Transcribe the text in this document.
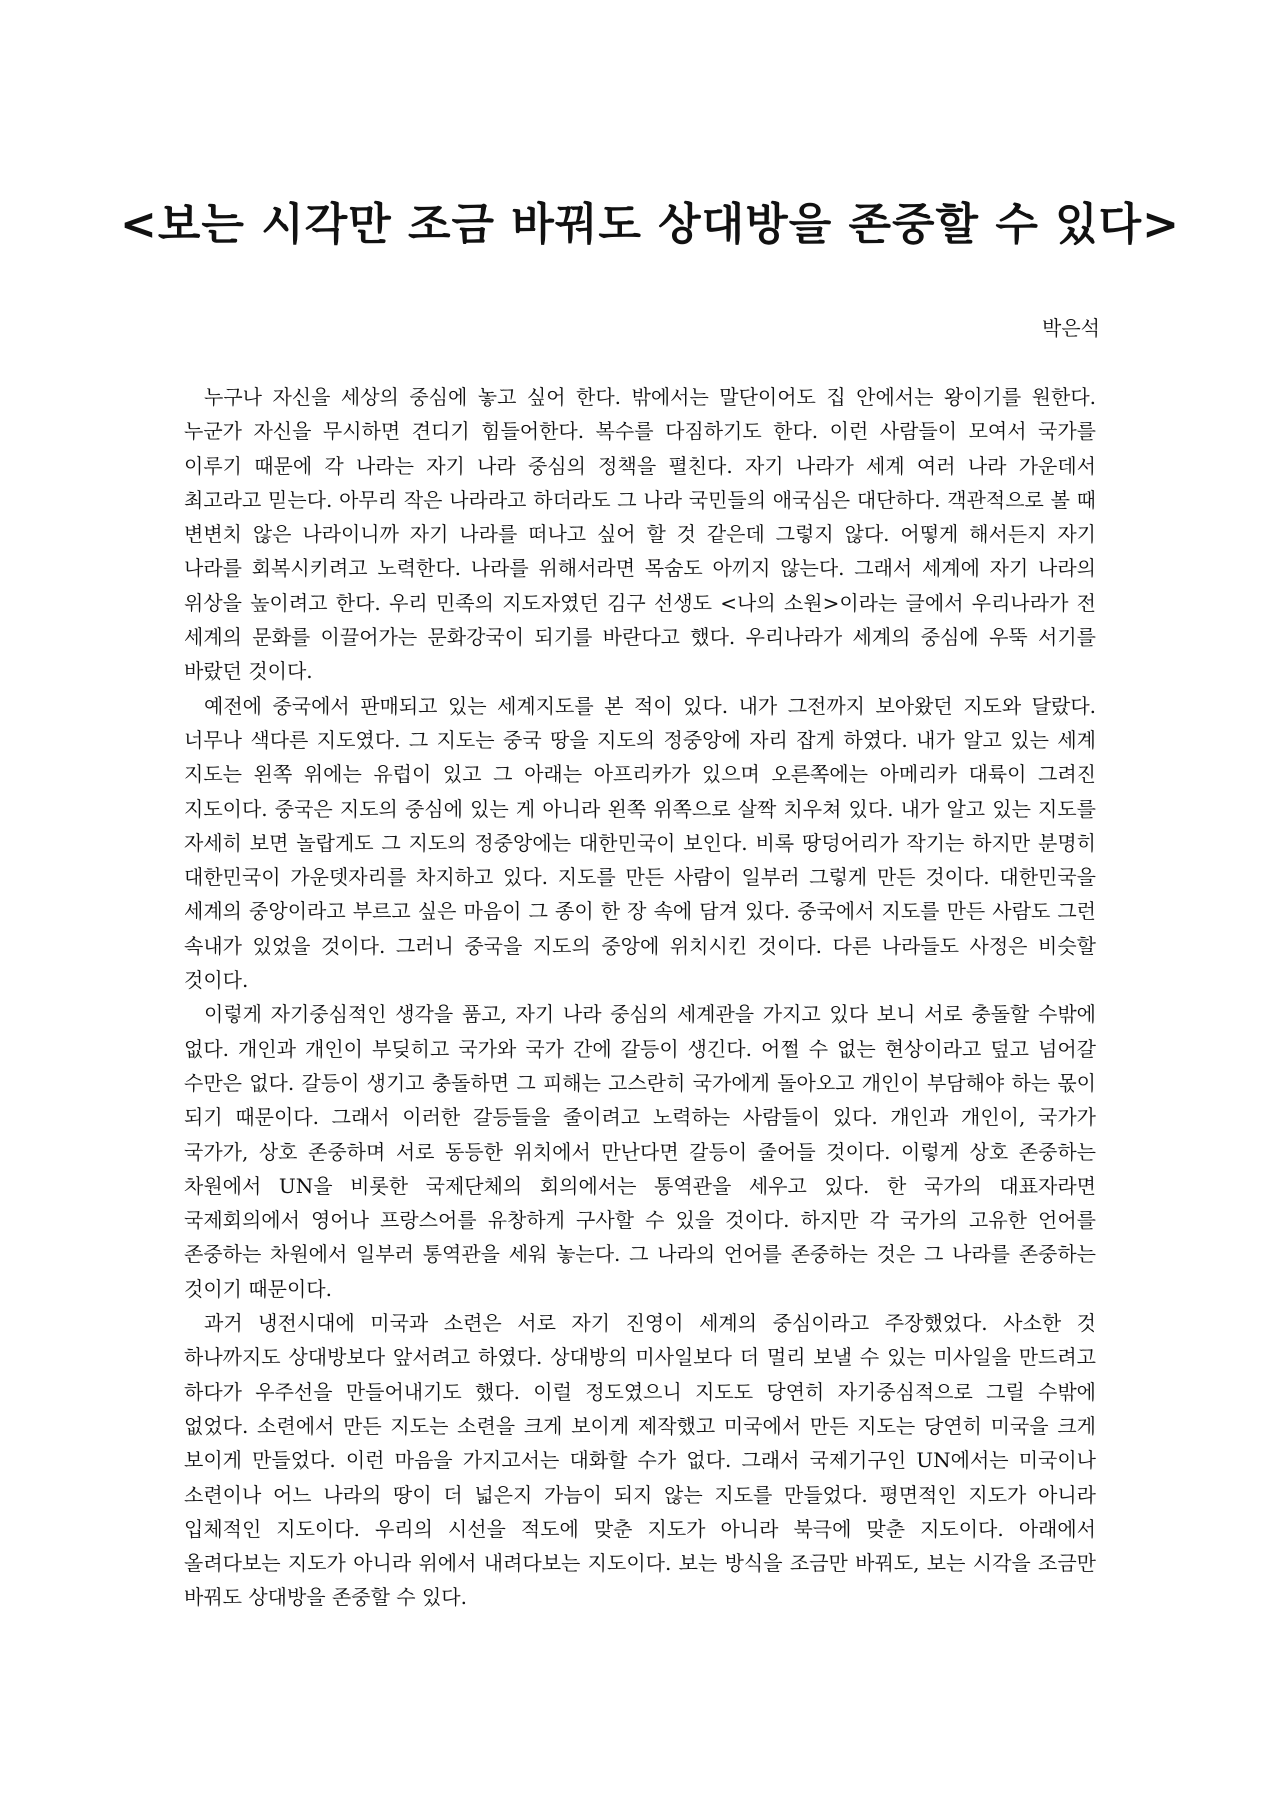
<보는 시각만 조금 바꿔도 상대방을 존중할 수 있다>

박은석

누구나 자신을 세상의 중심에 놓고 싶어 한다. 밖에서는 말단이어도 집 안에서는 왕이기를 원한다. 누군가 자신을 무시하면 견디기 힘들어한다. 복수를 다짐하기도 한다. 이런 사람들이 모여서 국가를 이루기 때문에 각 나라는 자기 나라 중심의 정책을 펼친다. 자기 나라가 세계 여러 나라 가운데서 최고라고 믿는다. 아무리 작은 나라라고 하더라도 그 나라 국민들의 애국심은 대단하다. 객관적으로 볼 때 변변치 않은 나라이니까 자기 나라를 떠나고 싶어 할 것 같은데 그렇지 않다. 어떻게 해서든지 자기 나라를 회복시키려고 노력한다. 나라를 위해서라면 목숨도 아끼지 않는다. 그래서 세계에 자기 나라의 위상을 높이려고 한다. 우리 민족의 지도자였던 김구 선생도 <나의 소원>이라는 글에서 우리나라가 전 세계의 문화를 이끌어가는 문화강국이 되기를 바란다고 했다. 우리나라가 세계의 중심에 우뚝 서기를 바랐던 것이다.

예전에 중국에서 판매되고 있는 세계지도를 본 적이 있다. 내가 그전까지 보아왔던 지도와 달랐다. 너무나 색다른 지도였다. 그 지도는 중국 땅을 지도의 정중앙에 자리 잡게 하였다. 내가 알고 있는 세계 지도는 왼쪽 위에는 유럽이 있고 그 아래는 아프리카가 있으며 오른쪽에는 아메리카 대륙이 그려진 지도이다. 중국은 지도의 중심에 있는 게 아니라 왼쪽 위쪽으로 살짝 치우쳐 있다. 내가 알고 있는 지도를 자세히 보면 놀랍게도 그 지도의 정중앙에는 대한민국이 보인다. 비록 땅덩어리가 작기는 하지만 분명히 대한민국이 가운뎃자리를 차지하고 있다. 지도를 만든 사람이 일부러 그렇게 만든 것이다. 대한민국을 세계의 중앙이라고 부르고 싶은 마음이 그 종이 한 장 속에 담겨 있다. 중국에서 지도를 만든 사람도 그런 속내가 있었을 것이다. 그러니 중국을 지도의 중앙에 위치시킨 것이다. 다른 나라들도 사정은 비슷할 것이다.

이렇게 자기중심적인 생각을 품고, 자기 나라 중심의 세계관을 가지고 있다 보니 서로 충돌할 수밖에 없다. 개인과 개인이 부딪히고 국가와 국가 간에 갈등이 생긴다. 어쩔 수 없는 현상이라고 덮고 넘어갈 수만은 없다. 갈등이 생기고 충돌하면 그 피해는 고스란히 국가에게 돌아오고 개인이 부담해야 하는 몫이 되기 때문이다. 그래서 이러한 갈등들을 줄이려고 노력하는 사람들이 있다. 개인과 개인이, 국가가 국가가, 상호 존중하며 서로 동등한 위치에서 만난다면 갈등이 줄어들 것이다. 이렇게 상호 존중하는 차원에서 UN을 비롯한 국제단체의 회의에서는 통역관을 세우고 있다. 한 국가의 대표자라면 국제회의에서 영어나 프랑스어를 유창하게 구사할 수 있을 것이다. 하지만 각 국가의 고유한 언어를 존중하는 차원에서 일부러 통역관을 세워 놓는다. 그 나라의 언어를 존중하는 것은 그 나라를 존중하는 것이기 때문이다.

과거 냉전시대에 미국과 소련은 서로 자기 진영이 세계의 중심이라고 주장했었다. 사소한 것 하나까지도 상대방보다 앞서려고 하였다. 상대방의 미사일보다 더 멀리 보낼 수 있는 미사일을 만드려고 하다가 우주선을 만들어내기도 했다. 이럴 정도였으니 지도도 당연히 자기중심적으로 그릴 수밖에 없었다. 소련에서 만든 지도는 소련을 크게 보이게 제작했고 미국에서 만든 지도는 당연히 미국을 크게 보이게 만들었다. 이런 마음을 가지고서는 대화할 수가 없다. 그래서 국제기구인 UN에서는 미국이나 소련이나 어느 나라의 땅이 더 넓은지 가늠이 되지 않는 지도를 만들었다. 평면적인 지도가 아니라 입체적인 지도이다. 우리의 시선을 적도에 맞춘 지도가 아니라 북극에 맞춘 지도이다. 아래에서 올려다보는 지도가 아니라 위에서 내려다보는 지도이다. 보는 방식을 조금만 바꿔도, 보는 시각을 조금만 바꿔도 상대방을 존중할 수 있다.
